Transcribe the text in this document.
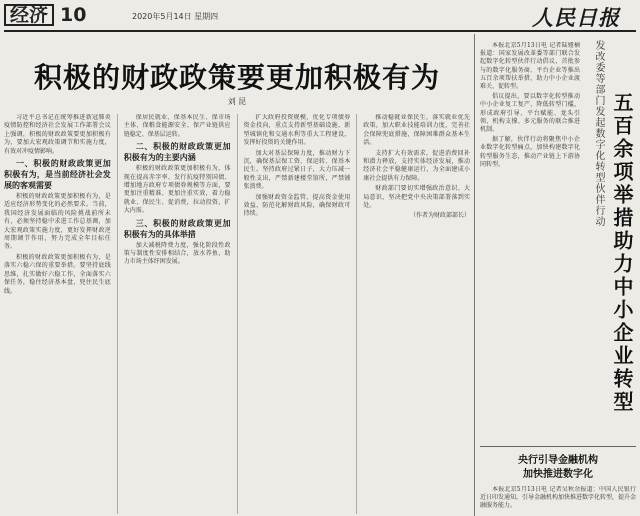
经济 10	2020年5月14日 星期四	人民日报
积极的财政政策要更加积极有为
刘 昆

习近平总书记在统筹推进新冠肺炎疫情防控和经济社会发展工作部署会议上强调，积极的财政政策要更加积极有为，要加大宏观政策调节和实施力度，有效对冲疫情影响。

一、积极的财政政策更加积极有为，是当前经济社会发展的客观需要

积极的财政政策更加积极有为，是适应经济形势变化的必然要求。当前，我国经济发展面临的风险挑战前所未有，必须坚持稳中求进工作总基调，加大宏观政策实施力度，更好发挥财政逆周期调节作用，努力完成全年目标任务。

积极的财政政策更加积极有为，是落实六稳六保的重要举措。要坚持底线思维，扎实做好六稳工作，全面落实六保任务，稳住经济基本盘，兜住民生底线。

保居民就业、保基本民生、保市场主体、保粮食能源安全、保产业链供应链稳定、保基层运转。

二、积极的财政政策更加积极有为的主要内涵

积极的财政政策更加积极有为，体现在提高赤字率、发行抗疫特别国债、增加地方政府专项债券规模等方面，要更加注重精准、更加注重实效，着力稳就业、保民生、促消费，拉动投资，扩大内需。

三、积极的财政政策更加积极有为的具体举措

加大减税降费力度，强化阶段性政策与制度性安排相结合，放水养鱼，助力市场主体纾困发展。

扩大政府投资规模，优化专项债券资金投向，重点支持新型基础设施、新型城镇化和交通水利等重大工程建设，发挥好投资的关键作用。

加大对基层保障力度，推动财力下沉，确保基层保工资、保运转、保基本民生。坚持政府过紧日子，大力压减一般性支出，严禁新建楼堂馆所，严禁铺张浪费。

加强财政资金监管，提高资金使用效益，防范化解财政风险，确保财政可持续。

推动稳就业保民生，落实就业优先政策，加大职业技能培训力度，完善社会保障兜底措施，保障困难群众基本生活。

支持扩大有效需求，促进消费回补和潜力释放，支持实体经济发展，推动经济社会平稳健康运行，为全面建成小康社会提供有力保障。

财政部门要切实增强政治意识、大局意识，坚决把党中央决策部署落到实处。

（作者为财政部部长）

本报北京5月13日电 记者陆娅楠报道：国家发展改革委等部门联合发起数字化转型伙伴行动倡议，首批参与的数字化服务商、平台企业等推出五百余项帮扶举措，助力中小企业渡难关、促转型。

倡议提出，要以数字化转型推动中小企业复工复产，降低转型门槛，形成政府引导、平台赋能、龙头引领、机构支撑、多元服务的联合推进机制。

据了解，伙伴行动将聚焦中小企业数字化转型痛点，加快构建数字化转型服务生态，推动产业链上下游协同转型。	发改委等部门发起数字化转型伙伴行动 五百余项举措助力中小企业转型
央行引导金融机构
加快推进数字化

本报北京5月13日电 记者吴秋余报道：中国人民银行近日印发通知，引导金融机构加快推进数字化转型，提升金融服务能力。
